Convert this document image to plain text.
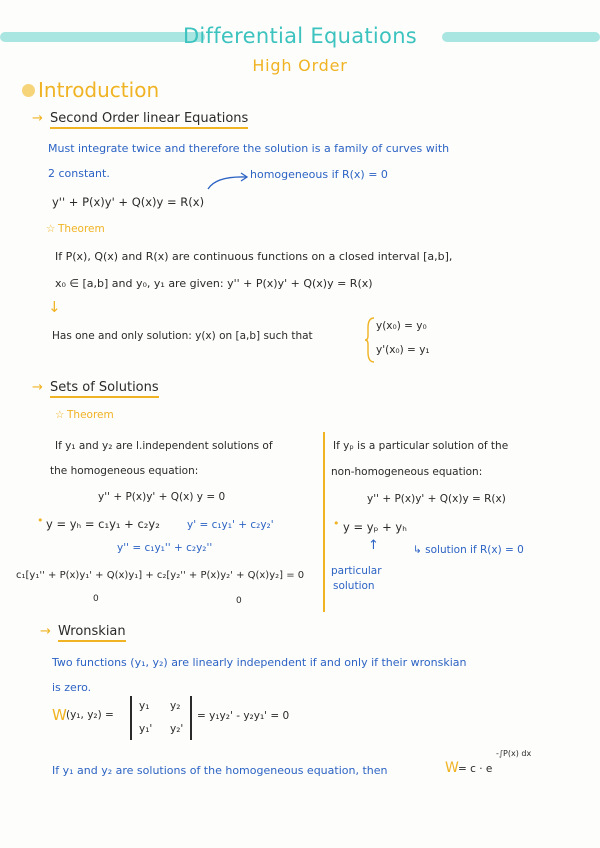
Differential Equations
High Order
Introduction
→ Second Order linear Equations
Must integrate twice and therefore the solution is a family of curves with
2 constant.
y'' + P(x)y' + Q(x)y = R(x)
homogeneous if R(x) = 0
☆ Theorem
If P(x), Q(x) and R(x) are continuous functions on a closed interval [a,b],
x₀ ∈ [a,b] and y₀, y₁ are given: y'' + P(x)y' + Q(x)y = R(x)
↓
Has one and only solution: y(x) on [a,b] such that
y(x₀) = y₀
y'(x₀) = y₁
→ Sets of Solutions
☆ Theorem
If y₁ and y₂ are l.independent solutions of
the homogeneous equation:
y'' + P(x)y' + Q(x) y = 0
• y = yₕ = c₁y₁ + c₂y₂	y' = c₁y₁' + c₂y₂'
y'' = c₁y₁'' + c₂y₂''
c₁[y₁'' + P(x)y₁' + Q(x)y₁] + c₂[y₂'' + P(x)y₂' + Q(x)y₂] = 0
0	0
If yₚ is a particular solution of the
non-homogeneous equation:
y'' + P(x)y' + Q(x)y = R(x)
• y = yₚ + yₕ
↑	↳ solution if R(x) = 0
particular
solution
→ Wronskian
Two functions (y₁, y₂) are linearly independent if and only if their wronskian
is zero.
W (y₁, y₂) =
y₁ y₂
y₁' y₂'
= y₁y₂' - y₂y₁' = 0
If y₁ and y₂ are solutions of the homogeneous equation, then	W = c · e
-∫P(x) dx
